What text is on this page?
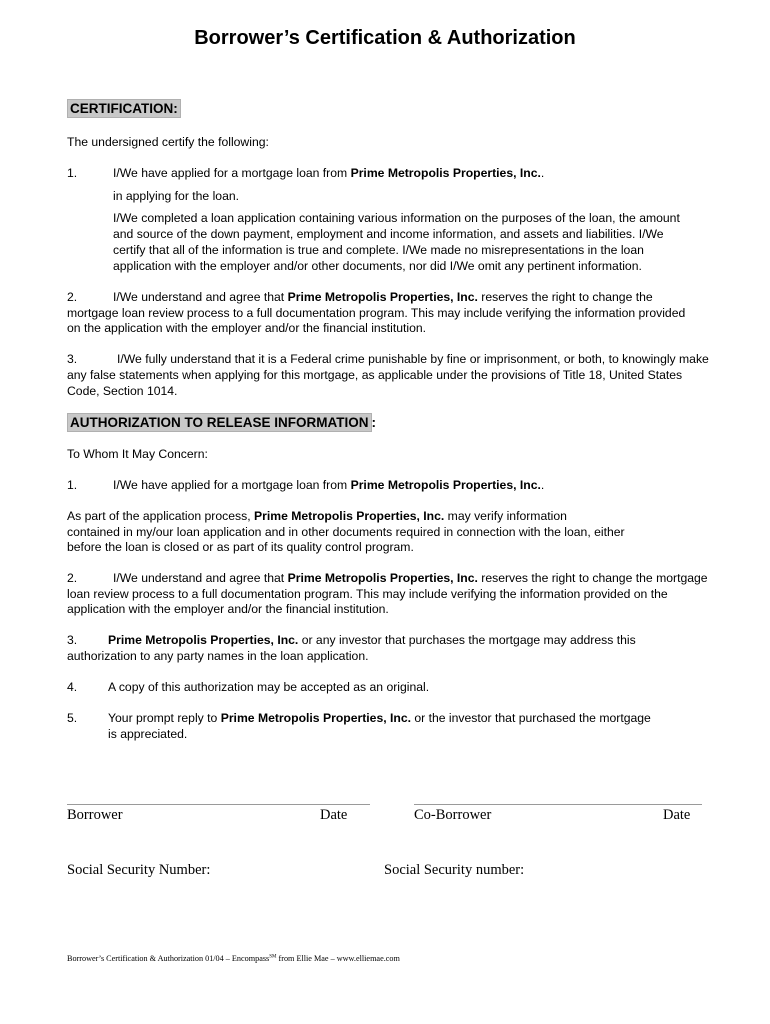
Borrower’s Certification & Authorization
CERTIFICATION:
The undersigned certify the following:
1.	I/We have applied for a mortgage loan from Prime Metropolis Properties, Inc..
in applying for the loan.
I/We completed a loan application containing various information on the purposes of the loan, the amount
and source of the down payment, employment and income information, and assets and liabilities. I/We
certify that all of the information is true and complete. I/We made no misrepresentations in the loan
application with the employer and/or other documents, nor did I/We omit any pertinent information.
2.	I/We understand and agree that Prime Metropolis Properties, Inc. reserves the right to change the
mortgage loan review process to a full documentation program. This may include verifying the information provided
on the application with the employer and/or the financial institution.
3.	I/We fully understand that it is a Federal crime punishable by fine or imprisonment, or both, to knowingly make
any false statements when applying for this mortgage, as applicable under the provisions of Title 18, United States
Code, Section 1014.
AUTHORIZATION TO RELEASE INFORMATION :
To Whom It May Concern:
1.	I/We have applied for a mortgage loan from Prime Metropolis Properties, Inc..
As part of the application process, Prime Metropolis Properties, Inc. may verify information
contained in my/our loan application and in other documents required in connection with the loan, either
before the loan is closed or as part of its quality control program.
2.	I/We understand and agree that Prime Metropolis Properties, Inc. reserves the right to change the mortgage
loan review process to a full documentation program. This may include verifying the information provided on the
application with the employer and/or the financial institution.
3.	Prime Metropolis Properties, Inc. or any investor that purchases the mortgage may address this
authorization to any party names in the loan application.
4.	A copy of this authorization may be accepted as an original.
5.	Your prompt reply to Prime Metropolis Properties, Inc. or the investor that purchased the mortgage
is appreciated.
Borrower	Date	Co-Borrower	Date
Social Security Number:	Social Security number:
Borrower’s Certification & Authorization 01/04 – Encompass℠ from Ellie Mae – www.elliemae.com
